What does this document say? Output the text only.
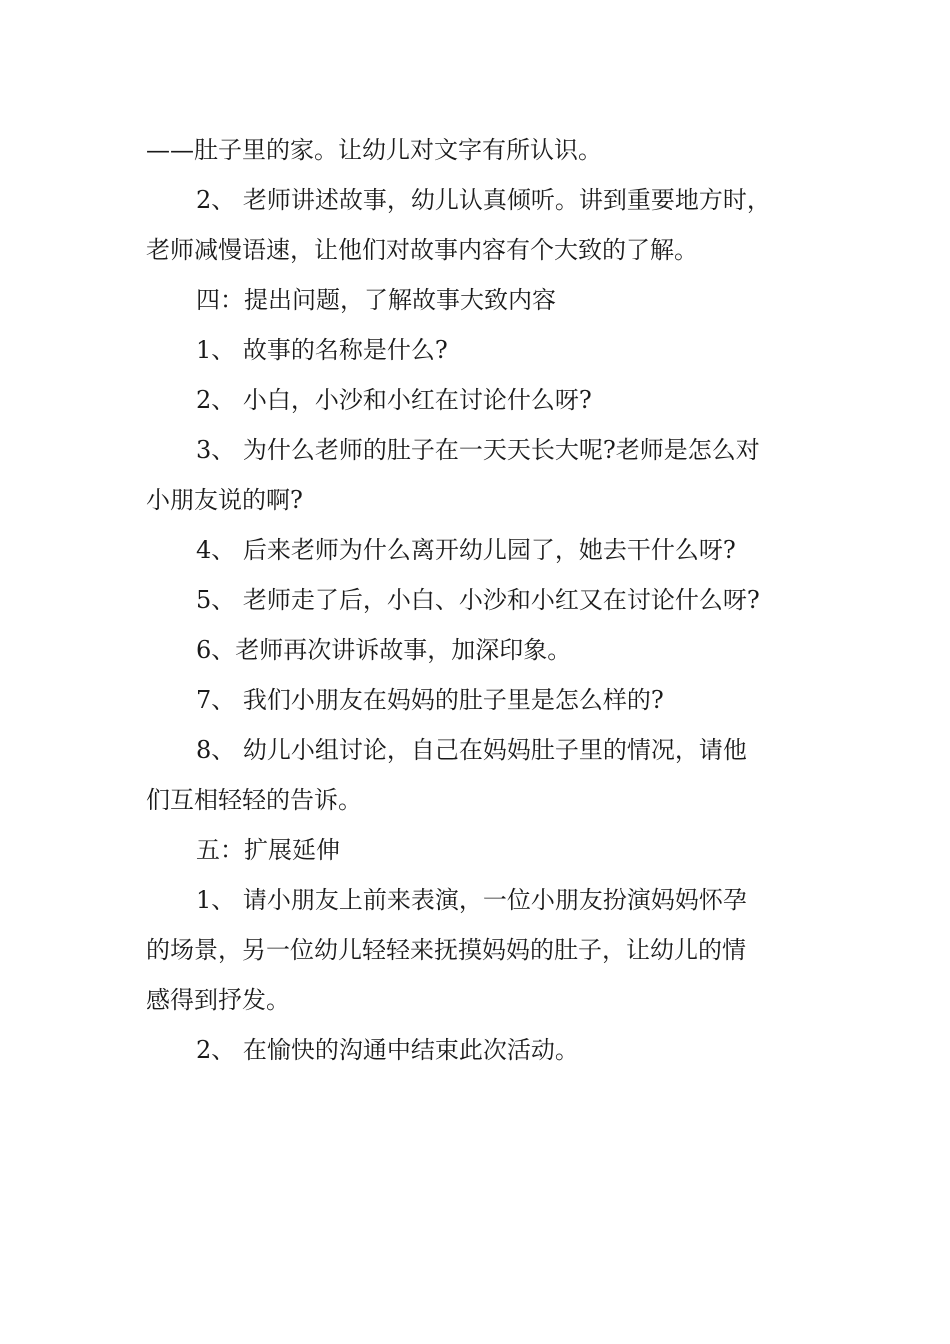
——肚子里的家。让幼儿对文字有所认识。
2、 老师讲述故事，幼儿认真倾听。讲到重要地方时，
老师减慢语速，让他们对故事内容有个大致的了解。
四：提出问题，了解故事大致内容
1、 故事的名称是什么?
2、 小白，小沙和小红在讨论什么呀?
3、 为什么老师的肚子在一天天长大呢?老师是怎么对
小朋友说的啊?
4、 后来老师为什么离开幼儿园了，她去干什么呀?
5、 老师走了后，小白、小沙和小红又在讨论什么呀?
6、老师再次讲诉故事，加深印象。
7、 我们小朋友在妈妈的肚子里是怎么样的?
8、 幼儿小组讨论，自己在妈妈肚子里的情况，请他
们互相轻轻的告诉。
五：扩展延伸
1、 请小朋友上前来表演，一位小朋友扮演妈妈怀孕
的场景，另一位幼儿轻轻来抚摸妈妈的肚子，让幼儿的情
感得到抒发。
2、 在愉快的沟通中结束此次活动。
